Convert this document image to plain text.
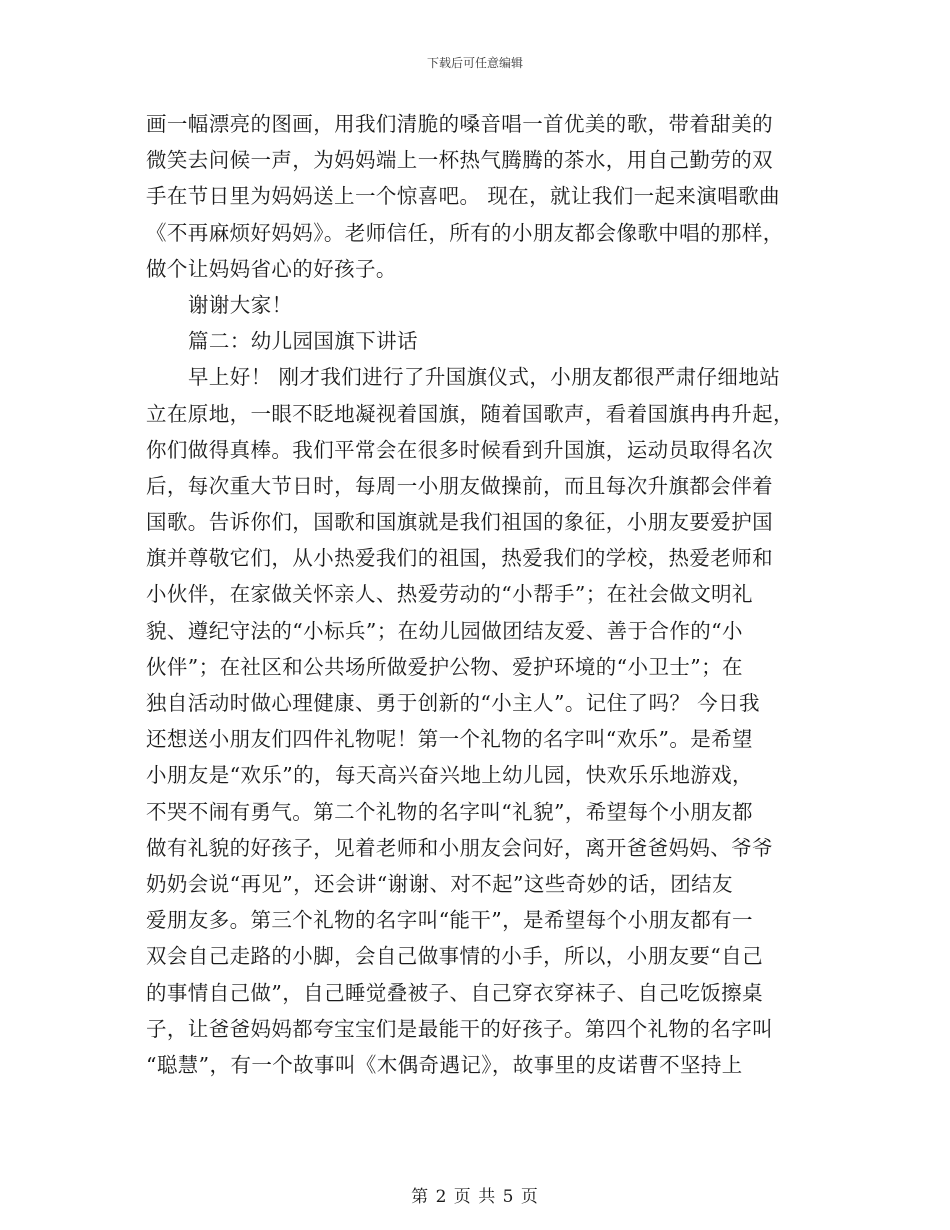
下载后可任意编辑
画一幅漂亮的图画，用我们清脆的嗓音唱一首优美的歌，带着甜美的
微笑去问候一声，为妈妈端上一杯热气腾腾的茶水，用自己勤劳的双
手在节日里为妈妈送上一个惊喜吧。 现在，就让我们一起来演唱歌曲
《不再麻烦好妈妈》。老师信任，所有的小朋友都会像歌中唱的那样，
做个让妈妈省心的好孩子。
谢谢大家！
篇二：幼儿园国旗下讲话
早上好！ 刚才我们进行了升国旗仪式，小朋友都很严肃仔细地站
立在原地，一眼不眨地凝视着国旗，随着国歌声，看着国旗冉冉升起，
你们做得真棒。我们平常会在很多时候看到升国旗，运动员取得名次
后，每次重大节日时，每周一小朋友做操前，而且每次升旗都会伴着
国歌。告诉你们，国歌和国旗就是我们祖国的象征，小朋友要爱护国
旗并尊敬它们，从小热爱我们的祖国，热爱我们的学校，热爱老师和
小伙伴，在家做关怀亲人、热爱劳动的“小帮手”；在社会做文明礼
貌、遵纪守法的“小标兵”；在幼儿园做团结友爱、善于合作的“小
伙伴”；在社区和公共场所做爱护公物、爱护环境的“小卫士”；在
独自活动时做心理健康、勇于创新的“小主人”。记住了吗？ 今日我
还想送小朋友们四件礼物呢！第一个礼物的名字叫“欢乐”。是希望
小朋友是“欢乐”的，每天高兴奋兴地上幼儿园，快欢乐乐地游戏，
不哭不闹有勇气。第二个礼物的名字叫“礼貌”，希望每个小朋友都
做有礼貌的好孩子，见着老师和小朋友会问好，离开爸爸妈妈、爷爷
奶奶会说“再见”，还会讲“谢谢、对不起”这些奇妙的话，团结友
爱朋友多。第三个礼物的名字叫“能干”，是希望每个小朋友都有一
双会自己走路的小脚，会自己做事情的小手，所以，小朋友要“自己
的事情自己做”，自己睡觉叠被子、自己穿衣穿袜子、自己吃饭擦桌
子，让爸爸妈妈都夸宝宝们是最能干的好孩子。第四个礼物的名字叫
“聪慧”，有一个故事叫《木偶奇遇记》，故事里的皮诺曹不坚持上
第 2 页 共 5 页
